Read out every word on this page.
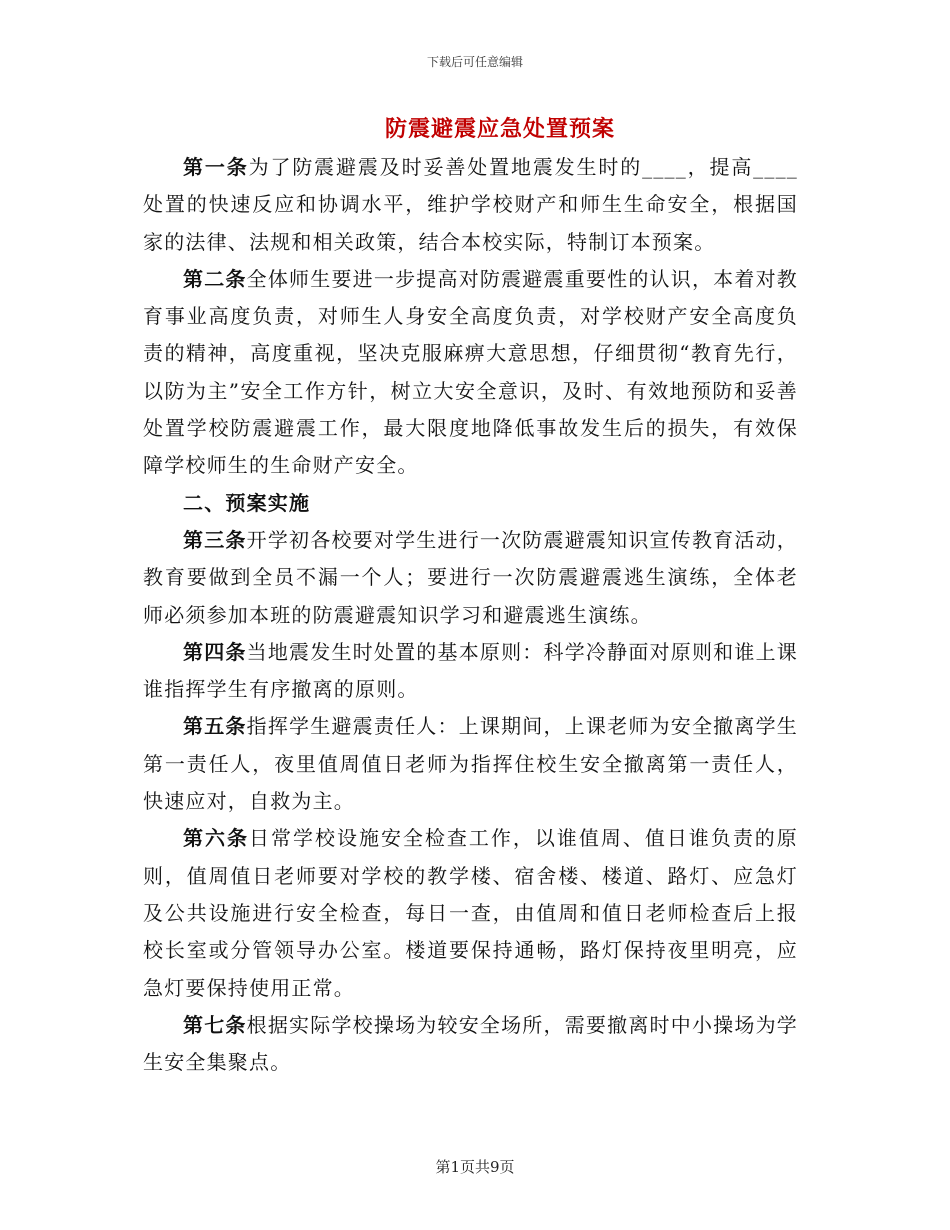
下载后可任意编辑
防震避震应急处置预案

第一条为了防震避震及时妥善处置地震发生时的____，提高____处置的快速反应和协调水平，维护学校财产和师生生命安全，根据国家的法律、法规和相关政策，结合本校实际，特制订本预案。

第二条全体师生要进一步提高对防震避震重要性的认识，本着对教育事业高度负责，对师生人身安全高度负责，对学校财产安全高度负责的精神，高度重视，坚决克服麻痹大意思想，仔细贯彻“教育先行，以防为主”安全工作方针，树立大安全意识，及时、有效地预防和妥善处置学校防震避震工作，最大限度地降低事故发生后的损失，有效保障学校师生的生命财产安全。

二、预案实施

第三条开学初各校要对学生进行一次防震避震知识宣传教育活动，教育要做到全员不漏一个人；要进行一次防震避震逃生演练，全体老师必须参加本班的防震避震知识学习和避震逃生演练。

第四条当地震发生时处置的基本原则：科学冷静面对原则和谁上课谁指挥学生有序撤离的原则。

第五条指挥学生避震责任人：上课期间，上课老师为安全撤离学生第一责任人，夜里值周值日老师为指挥住校生安全撤离第一责任人，快速应对，自救为主。

第六条日常学校设施安全检查工作，以谁值周、值日谁负责的原则，值周值日老师要对学校的教学楼、宿舍楼、楼道、路灯、应急灯及公共设施进行安全检查，每日一查，由值周和值日老师检查后上报校长室或分管领导办公室。楼道要保持通畅，路灯保持夜里明亮，应急灯要保持使用正常。

第七条根据实际学校操场为较安全场所，需要撤离时中小操场为学生安全集聚点。

第1页共9页
